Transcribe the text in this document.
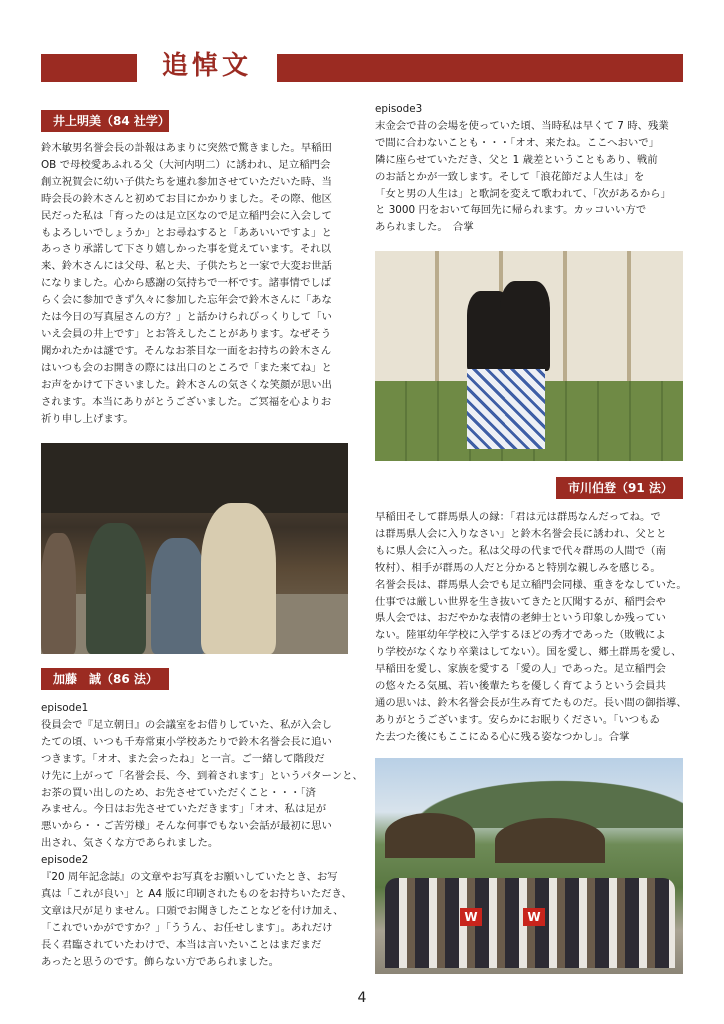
追悼文
井上明美（84 社学）

鈴木敏男名誉会長の訃報はあまりに突然で驚きました。早稲田

OB で母校愛あふれる父（大河内明二）に誘われ、足立稲門会

創立祝賀会に幼い子供たちを連れ参加させていただいた時、当

時会長の鈴木さんと初めてお目にかかりました。その際、他区

民だった私は「育ったのは足立区なので足立稲門会に入会して

もよろしいでしょうか」とお尋ねすると「ああいいですよ」と

あっさり承諾して下さり嬉しかった事を覚えています。それ以

来、鈴木さんには父母、私と夫、子供たちと一家で大変お世話

になりました。心から感謝の気持ちで一杯です。諸事情でしば

らく会に参加できず久々に参加した忘年会で鈴木さんに「あな

たは今日の写真屋さんの方？」と話かけられびっくりして「い

いえ会員の井上です」とお答えしたことがあります。なぜそう

聞かれたかは謎です。そんなお茶目な一面をお持ちの鈴木さん

はいつも会のお開きの際には出口のところで「また来てね」と

お声をかけて下さいました。鈴木さんの気さくな笑顔が思い出

されます。本当にありがとうございました。ご冥福を心よりお

祈り申し上げます。

加藤　誠（86 法）

episode1

役員会で『足立朝日』の会議室をお借りしていた、私が入会し

たての頃、いつも千寿常東小学校あたりで鈴木名誉会長に追い

つきます。「オオ、また会ったね」と一言。ご一緒して階段だ

け先に上がって「名誉会長、今、到着されます」というパターンと、

お茶の買い出しのため、お先させていただくこと・・・「済

みません。今日はお先させていただきます」「オオ、私は足が

悪いから・・ご苦労様」そんな何事でもない会話が最初に思い

出され、気さくな方であられました。

episode2

『20 周年記念誌』の文章やお写真をお願いしていたとき、お写

真は「これが良い」と A4 版に印刷されたものをお持ちいただき、

文章は尺が足りません。口頭でお聞きしたことなどを付け加え、

「これでいかがですか？」「ううん、お任せします」。あれだけ

長く君臨されていたわけで、本当は言いたいことはまだまだ

あったと思うのです。飾らない方であられました。

episode3

末金会で昔の会場を使っていた頃、当時私は早くて 7 時、残業

で間に合わないことも・・・「オオ、来たね。ここへおいで」

隣に座らせていただき、父と 1 歳差ということもあり、戦前

のお話とかが一致します。そして「浪花節だよ人生は」を

「女と男の人生は」と歌詞を変えて歌われて、「次があるから」

と 3000 円をおいて毎回先に帰られます。カッコいい方で

あられました。　合掌

市川伯登（91 法）

早稲田そして群馬県人の縁：「君は元は群馬なんだってね。で

は群馬県人会に入りなさい」と鈴木名誉会長に誘われ、父とと

もに県人会に入った。私は父母の代まで代々群馬の人間で（南

牧村）、相手が群馬の人だと分かると特別な親しみを感じる。

名誉会長は、群馬県人会でも足立稲門会同様、重きをなしていた。

仕事では厳しい世界を生き抜いてきたと仄聞するが、稲門会や

県人会では、おだやかな表情の老紳士という印象しか残ってい

ない。陸軍幼年学校に入学するほどの秀才であった（敗戦によ

り学校がなくなり卒業はしてない）。国を愛し、郷土群馬を愛し、

早稲田を愛し、家族を愛する「愛の人」であった。足立稲門会

の悠々たる気風、若い後輩たちを優しく育てようという会員共

通の思いは、鈴木名誉会長が生み育てたものだ。長い間の御指導、

ありがとうございます。安らかにお眠りください。「いつもゐ

た去つた後にもここにゐる心に残る姿なつかし」。合掌

W	W
4
